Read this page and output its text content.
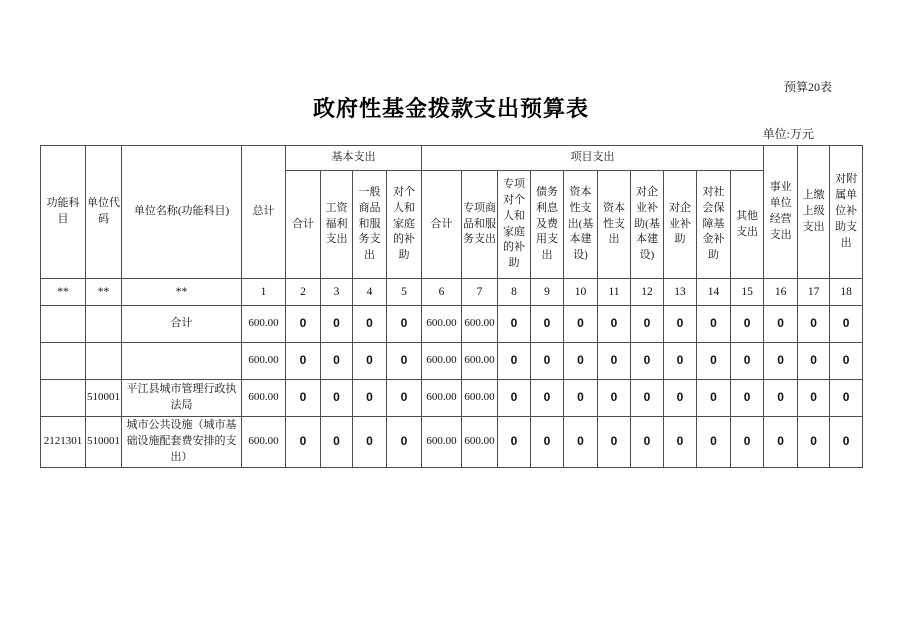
预算20表
政府性基金拨款支出预算表
单位:万元
功能科目	单位代码	单位名称(功能科目)	总计	基本支出				项目支出										事业单位经营支出	上缴上级支出	对附属单位补助支出
				合计	工资福利支出	一般商品和服务支出	对个人和家庭的补助	合计	专项商品和服务支出	专项对个人和家庭的补助	债务利息及费用支出	资本性支出(基本建设)	资本性支出	对企业补助(基本建设)	对企业补助	对社会保障基金补助	其他支出			
**	**	**	1	2	3	4	5	6	7	8	9	10	11	12	13	14	15	16	17	18
		合计	600.00	0	0	0	0	600.00	600.00	0	0	0	0	0	0	0	0	0	0	0
			600.00	0	0	0	0	600.00	600.00	0	0	0	0	0	0	0	0	0	0	0
	510001	平江县城市管理行政执法局	600.00	0	0	0	0	600.00	600.00	0	0	0	0	0	0	0	0	0	0	0
2121301	510001	城市公共设施（城市基础设施配套费安排的支出）	600.00	0	0	0	0	600.00	600.00	0	0	0	0	0	0	0	0	0	0	0
